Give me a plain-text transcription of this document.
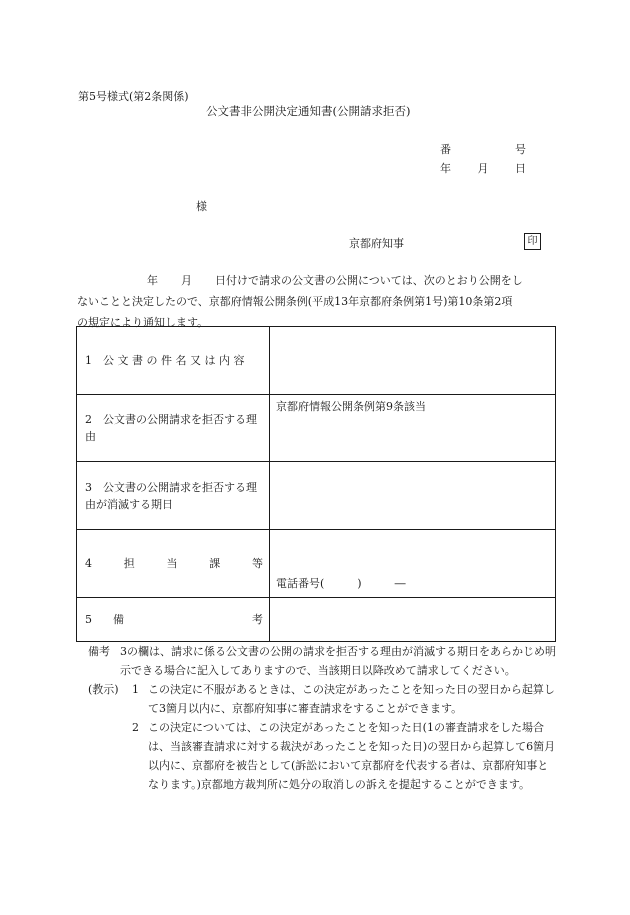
第5号様式(第2条関係)
公文書非公開決定通知書(公開請求拒否)
番	号
年 月 日
様
京都府知事	印
年 月 日付けで請求の公文書の公開については、次のとおり公開をし
ないことと決定したので、京都府情報公開条例(平成13年京都府条例第1号)第10条第2項
の規定により通知します。
1　公 文 書 の 件 名 又 は 内 容	
2　公文書の公開請求を拒否する理由	京都府情報公開条例第9条該当

3　公文書の公開請求を拒否する理由が消滅する期日	

4 担 当 課 等	電話番号(　　　)　　　―

5 備 考	

備考 3の欄は、請求に係る公文書の公開の請求を拒否する理由が消滅する期日をあらかじめ明示できる場合に記入してありますので、当該期日以降改めて請求してください。
(教示)	1 この決定に不服があるときは、この決定があったことを知った日の翌日から起算して3箇月以内に、京都府知事に審査請求をすることができます。
2 この決定については、この決定があったことを知った日(1の審査請求をした場合は、当該審査請求に対する裁決があったことを知った日)の翌日から起算して6箇月以内に、京都府を被告として(訴訟において京都府を代表する者は、京都府知事となります。)京都地方裁判所に処分の取消しの訴えを提起することができます。
